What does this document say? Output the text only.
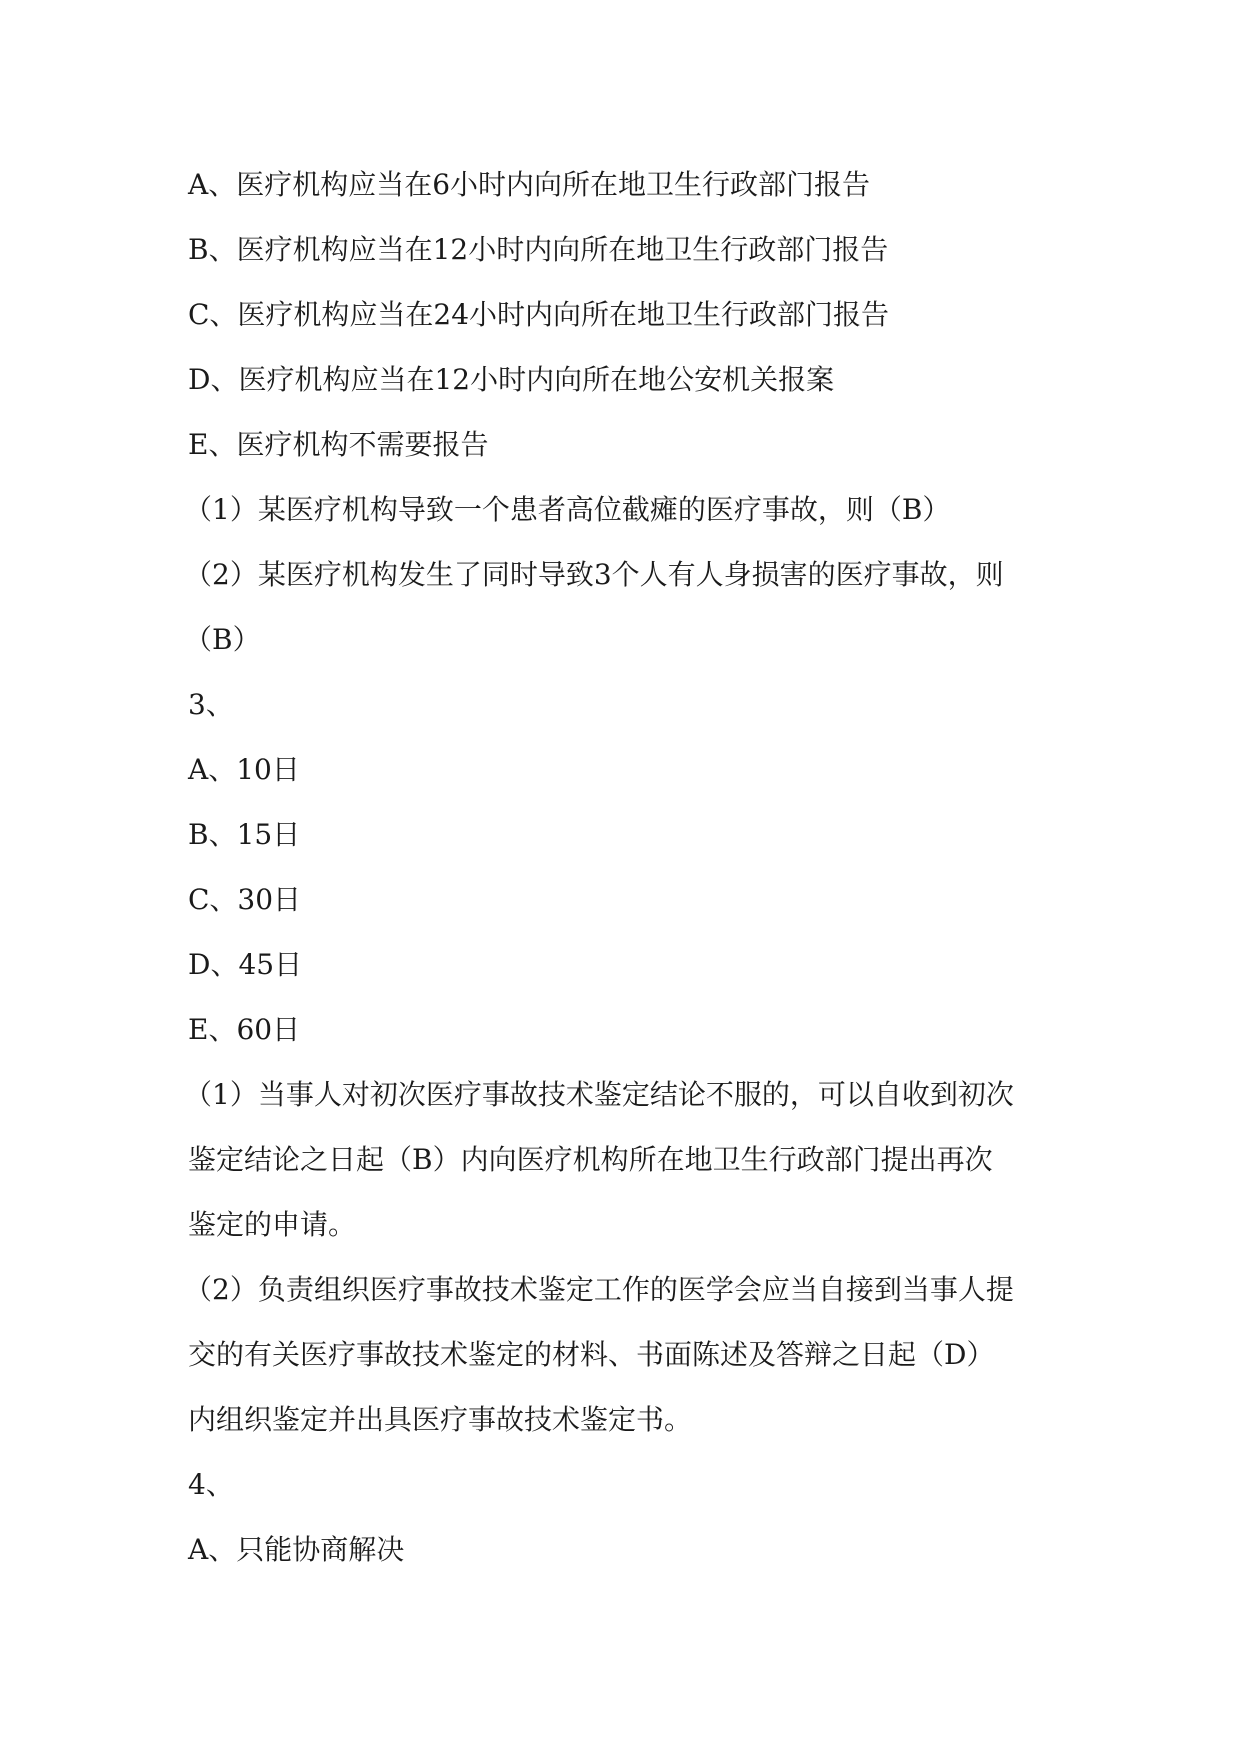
A、医疗机构应当在6小时内向所在地卫生行政部门报告
B、医疗机构应当在12小时内向所在地卫生行政部门报告
C、医疗机构应当在24小时内向所在地卫生行政部门报告
D、医疗机构应当在12小时内向所在地公安机关报案
E、医疗机构不需要报告
（1）某医疗机构导致一个患者高位截瘫的医疗事故，则（B）
（2）某医疗机构发生了同时导致3个人有人身损害的医疗事故，则
（B）
3、
A、10日
B、15日
C、30日
D、45日
E、60日
（1）当事人对初次医疗事故技术鉴定结论不服的，可以自收到初次
鉴定结论之日起（B）内向医疗机构所在地卫生行政部门提出再次
鉴定的申请。
（2）负责组织医疗事故技术鉴定工作的医学会应当自接到当事人提
交的有关医疗事故技术鉴定的材料、书面陈述及答辩之日起（D）
内组织鉴定并出具医疗事故技术鉴定书。
4、
A、只能协商解决
